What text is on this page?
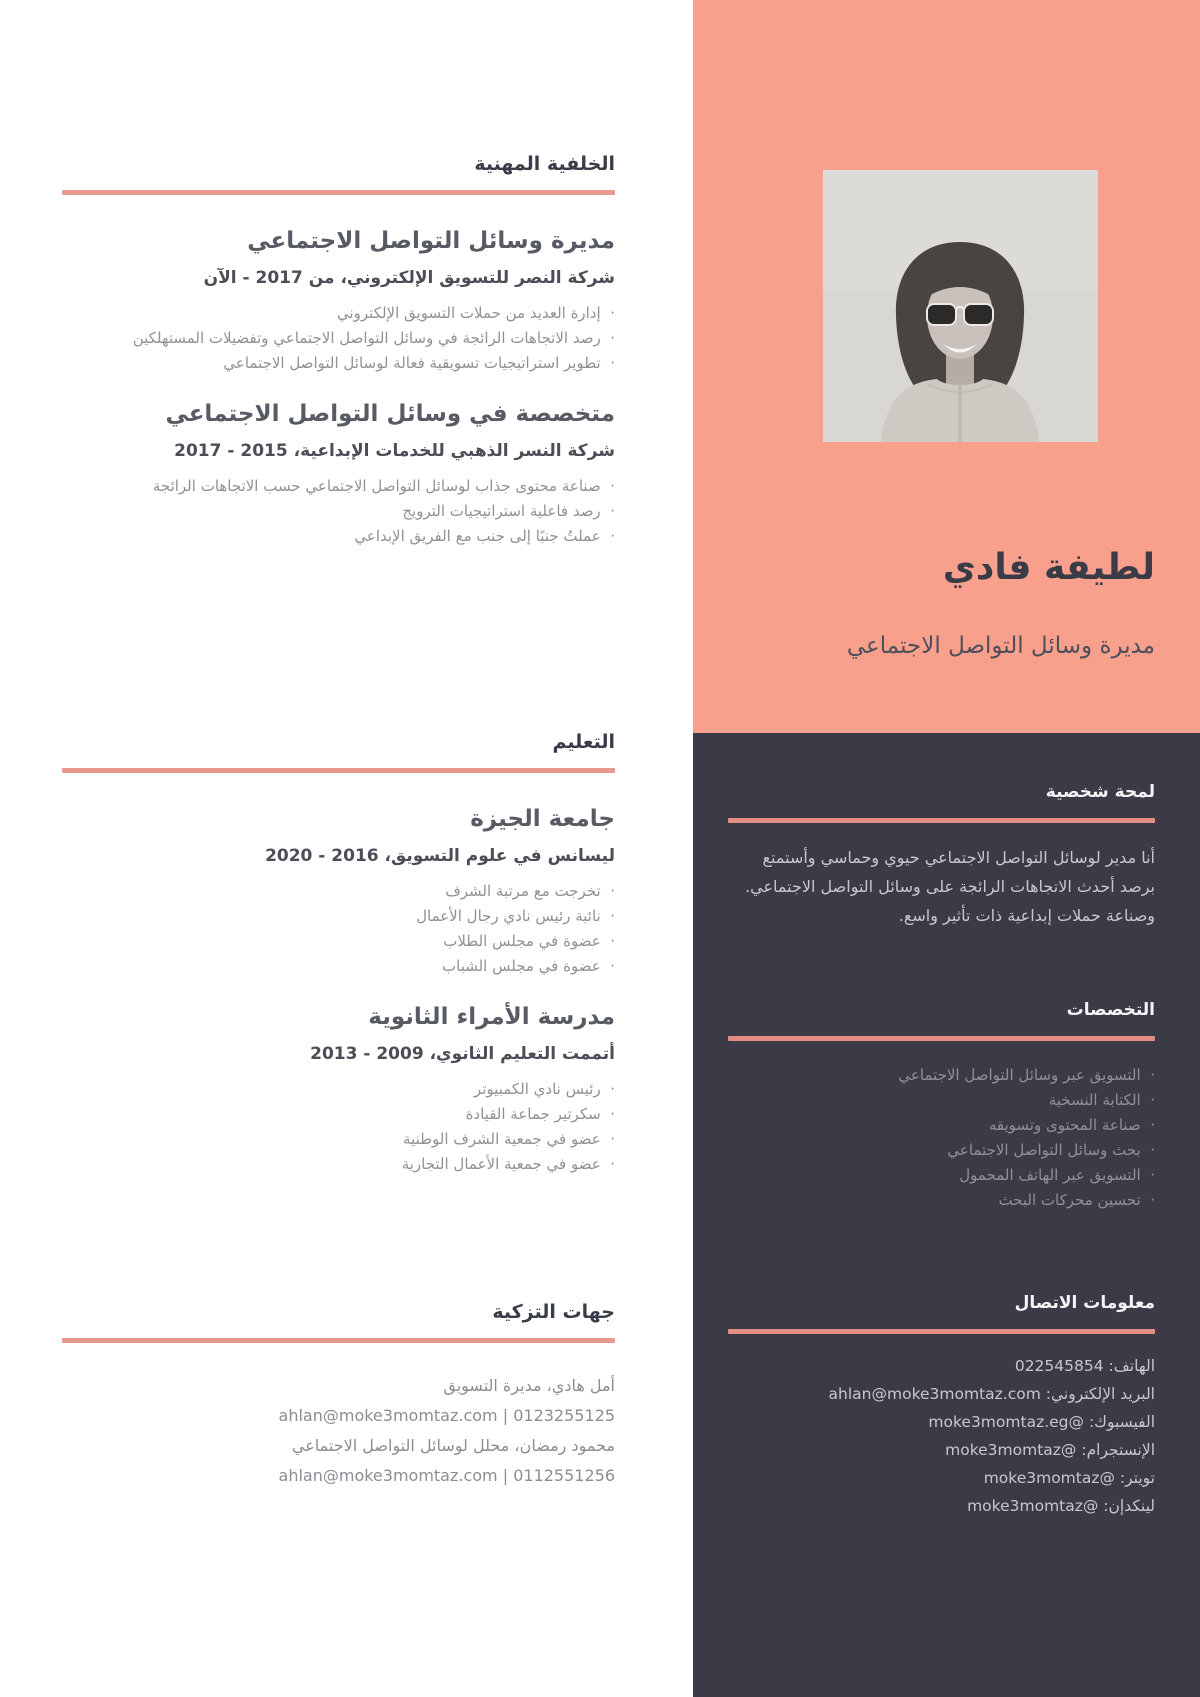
لطيفة فادي
مديرة وسائل التواصل الاجتماعي
لمحة شخصية

أنا مدير لوسائل التواصل الاجتماعي حيوي وحماسي وأستمتع برصد أحدث الاتجاهات الرائجة على وسائل التواصل الاجتماعي. وصناعة حملات إبداعية ذات تأثير واسع.

التخصصات
· التسويق عبر وسائل التواصل الاجتماعي
· الكتابة النسخية
· صناعة المحتوى وتسويقه
· بحث وسائل التواصل الاجتماعي
· التسويق عبر الهاتف المحمول
· تحسين محركات البحث
معلومات الاتصال
الهاتف: 022545854
البريد الإلكتروني: ahlan@moke3momtaz.com
الفيسبوك: @moke3momtaz.eg
الإنستجرام: @moke3momtaz
تويتر: @moke3momtaz
لينكدإن: @moke3momtaz
الخلفية المهنية
مديرة وسائل التواصل الاجتماعي
شركة النصر للتسويق الإلكتروني، من 2017 - الآن
· إدارة العديد من حملات التسويق الإلكتروني
· رصد الاتجاهات الرائجة في وسائل التواصل الاجتماعي وتفضيلات المستهلكين
· تطوير استراتيجيات تسويقية فعالة لوسائل التواصل الاجتماعي
متخصصة في وسائل التواصل الاجتماعي
شركة النسر الذهبي للخدمات الإبداعية، 2015 - 2017
· صناعة محتوى جذاب لوسائل التواصل الاجتماعي حسب الاتجاهات الرائجة
· رصد فاعلية استراتيجيات الترويج
· عملتُ جنبًا إلى جنب مع الفريق الإبداعي
التعليم
جامعة الجيزة
ليسانس في علوم التسويق، 2016 - 2020
· تخرجت مع مرتبة الشرف
· نائبة رئيس نادي رجال الأعمال
· عضوة في مجلس الطلاب
· عضوة في مجلس الشباب
مدرسة الأمراء الثانوية
أتممت التعليم الثانوي، 2009 - 2013
· رئيس نادي الكمبيوتر
· سكرتير جماعة القيادة
· عضو في جمعية الشرف الوطنية
· عضو في جمعية الأعمال التجارية
جهات التزكية
أمل هادي، مديرة التسويق
ahlan@moke3momtaz.com | 0123255125
محمود رمضان، محلل لوسائل التواصل الاجتماعي
ahlan@moke3momtaz.com | 0112551256
